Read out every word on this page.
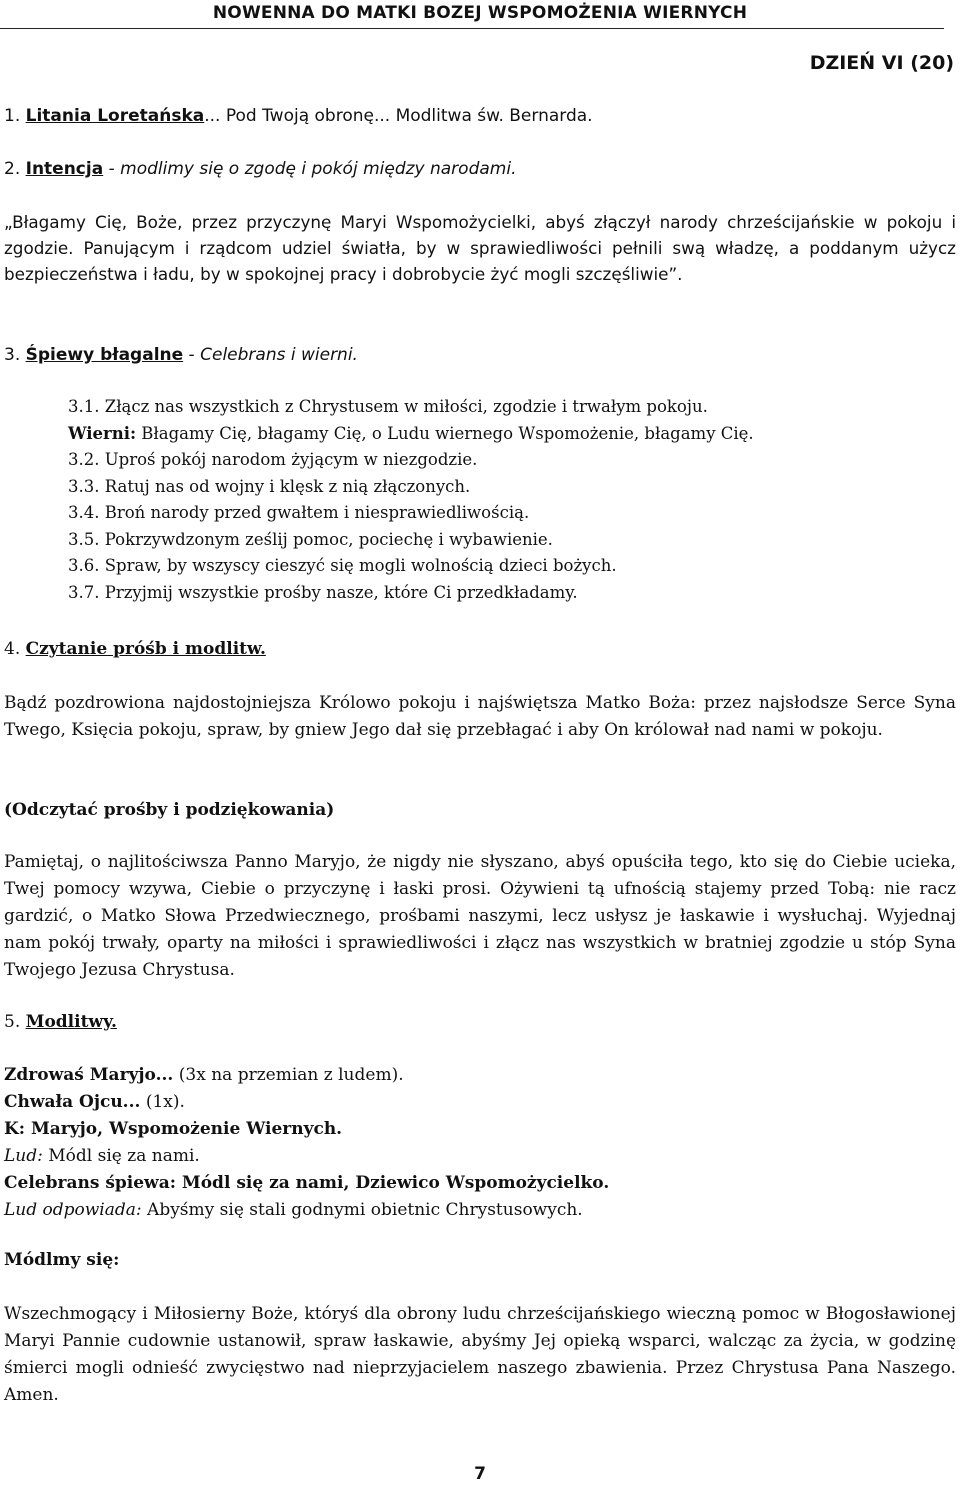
NOWENNA DO MATKI BOZEJ WSPOMOŻENIA WIERNYCH
DZIEŃ VI (20)

1. Litania Loretańska... Pod Twoją obronę... Modlitwa św. Bernarda.

2. Intencja - modlimy się o zgodę i pokój między narodami.

„Błagamy Cię, Boże, przez przyczynę Maryi Wspomożycielki, abyś złączył narody chrześcijańskie w pokoju i zgodzie. Panującym i rządcom udziel światła, by w sprawiedliwości pełnili swą władzę, a poddanym użycz bezpieczeństwa i ładu, by w spokojnej pracy i dobrobycie żyć mogli szczęśliwie”.

3. Śpiewy błagalne - Celebrans i wierni.

3.1. Złącz nas wszystkich z Chrystusem w miłości, zgodzie i trwałym pokoju.
Wierni: Błagamy Cię, błagamy Cię, o Ludu wiernego Wspomożenie, błagamy Cię.
3.2. Uproś pokój narodom żyjącym w niezgodzie.
3.3. Ratuj nas od wojny i klęsk z nią złączonych.
3.4. Broń narody przed gwałtem i niesprawiedliwością.
3.5. Pokrzywdzonym ześlij pomoc, pociechę i wybawienie.
3.6. Spraw, by wszyscy cieszyć się mogli wolnością dzieci bożych.
3.7. Przyjmij wszystkie prośby nasze, które Ci przedkładamy.

4. Czytanie próśb i modlitw.

Bądź pozdrowiona najdostojniejsza Królowo pokoju i najświętsza Matko Boża: przez najsłodsze Serce Syna Twego, Księcia pokoju, spraw, by gniew Jego dał się przebłagać i aby On królował nad nami w pokoju.

(Odczytać prośby i podziękowania)

Pamiętaj, o najlitościwsza Panno Maryjo, że nigdy nie słyszano, abyś opuściła tego, kto się do Ciebie ucieka, Twej pomocy wzywa, Ciebie o przyczynę i łaski prosi. Ożywieni tą ufnością stajemy przed Tobą: nie racz gardzić, o Matko Słowa Przedwiecznego, prośbami naszymi, lecz usłysz je łaskawie i wysłuchaj. Wyjednaj nam pokój trwały, oparty na miłości i sprawiedliwości i złącz nas wszystkich w bratniej zgodzie u stóp Syna Twojego Jezusa Chrystusa.

5. Modlitwy.

Zdrowaś Maryjo... (3x na przemian z ludem).
Chwała Ojcu... (1x).
K: Maryjo, Wspomożenie Wiernych.
Lud: Módl się za nami.
Celebrans śpiewa: Módl się za nami, Dziewico Wspomożycielko.
Lud odpowiada: Abyśmy się stali godnymi obietnic Chrystusowych.

Módlmy się:

Wszechmogący i Miłosierny Boże, któryś dla obrony ludu chrześcijańskiego wieczną pomoc w Błogosławionej Maryi Pannie cudownie ustanowił, spraw łaskawie, abyśmy Jej opieką wsparci, walcząc za życia, w godzinę śmierci mogli odnieść zwycięstwo nad nieprzyjacielem naszego zbawienia. Przez Chrystusa Pana Naszego. Amen.

7
